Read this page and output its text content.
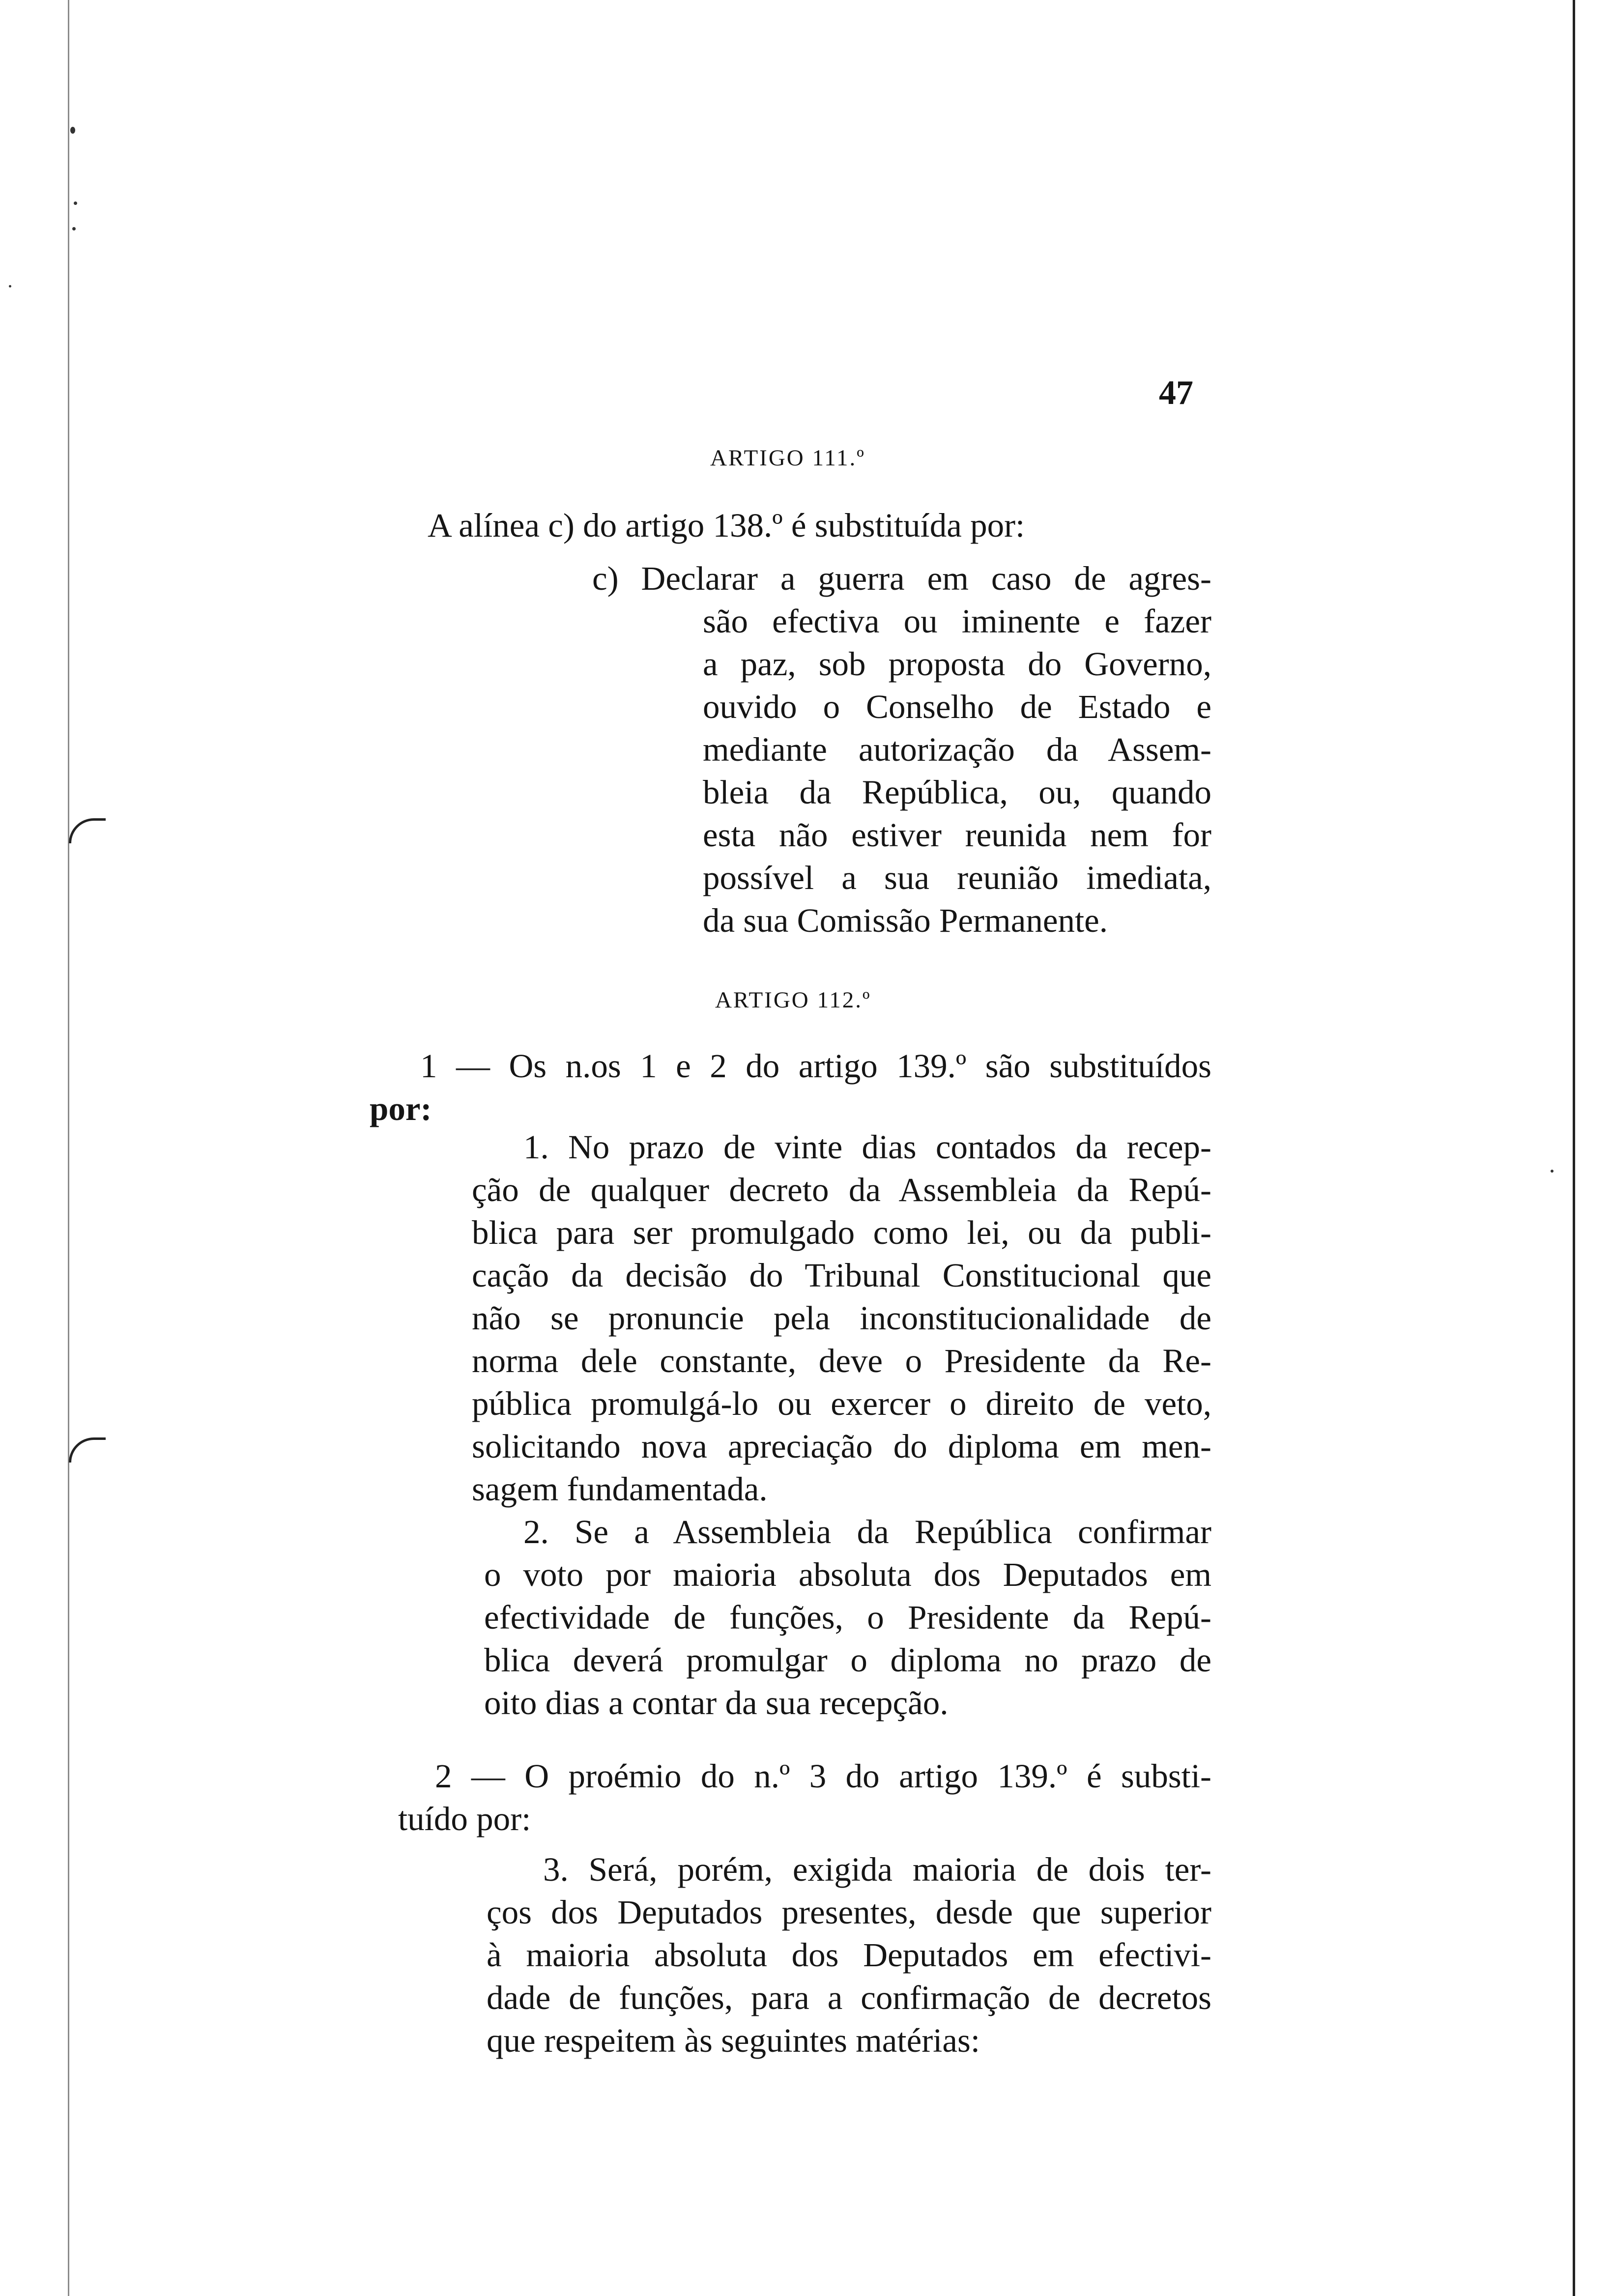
47
ARTIGO 111.º
A alínea c) do artigo 138.º é substituída por:
c) Declarar a guerra em caso de agres-
são efectiva ou iminente e fazer
a paz, sob proposta do Governo,
ouvido o Conselho de Estado e
mediante autorização da Assem-
bleia da República, ou, quando
esta não estiver reunida nem for
possível a sua reunião imediata,
da sua Comissão Permanente.
ARTIGO 112.º
1 — Os n.os 1 e 2 do artigo 139.º são substituídos
por:
1. No prazo de vinte dias contados da recep-
ção de qualquer decreto da Assembleia da Repú-
blica para ser promulgado como lei, ou da publi-
cação da decisão do Tribunal Constitucional que
não se pronuncie pela inconstitucionalidade de
norma dele constante, deve o Presidente da Re-
pública promulgá-lo ou exercer o direito de veto,
solicitando nova apreciação do diploma em men-
sagem fundamentada.
2. Se a Assembleia da República confirmar
o voto por maioria absoluta dos Deputados em
efectividade de funções, o Presidente da Repú-
blica deverá promulgar o diploma no prazo de
oito dias a contar da sua recepção.
2 — O proémio do n.º 3 do artigo 139.º é substi-
tuído por:
3. Será, porém, exigida maioria de dois ter-
ços dos Deputados presentes, desde que superior
à maioria absoluta dos Deputados em efectivi-
dade de funções, para a confirmação de decretos
que respeitem às seguintes matérias:
